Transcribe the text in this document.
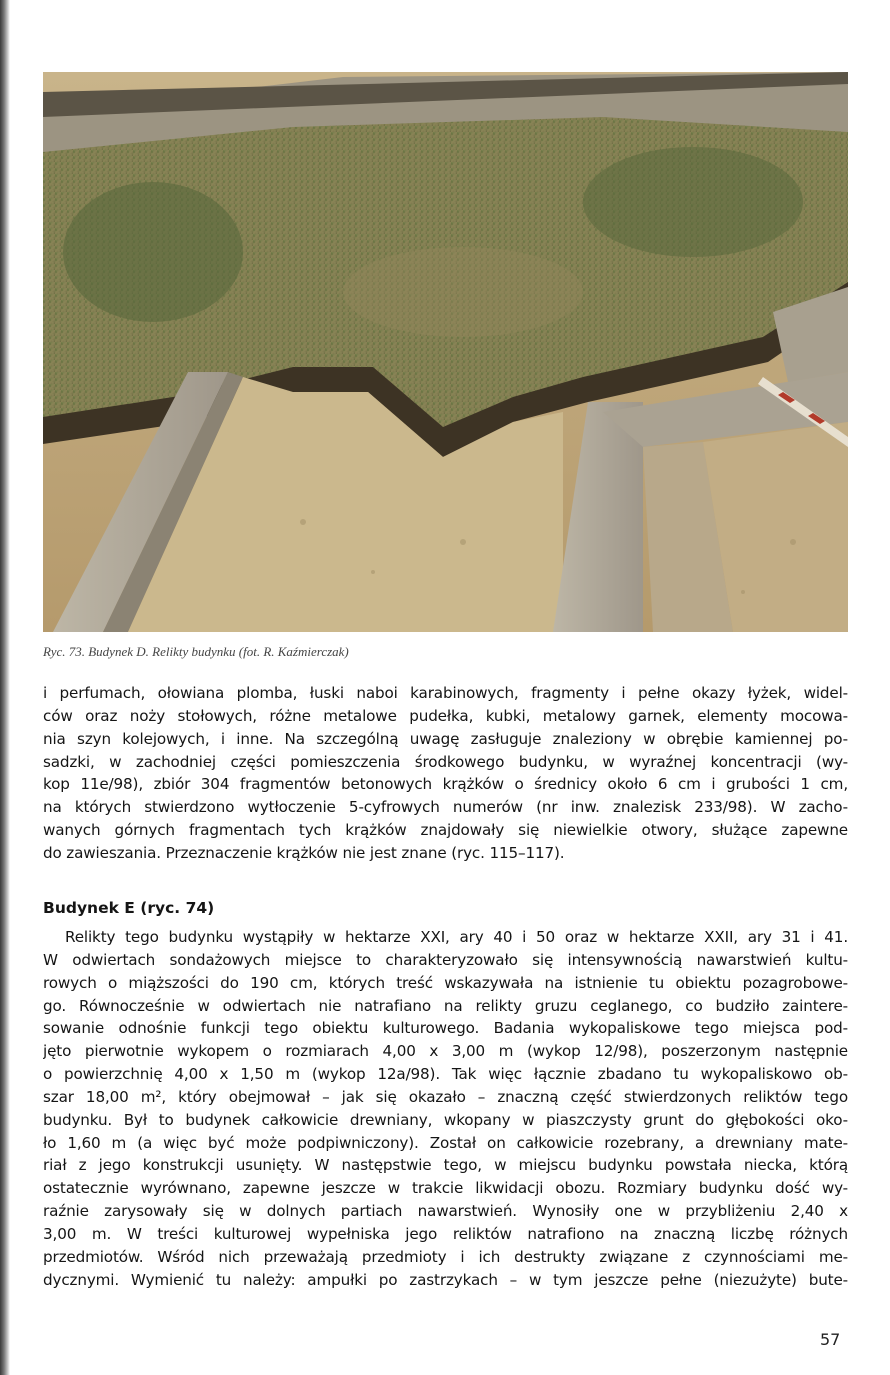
Ryc. 73. Budynek D. Relikty budynku (fot. R. Kaźmierczak)
i perfumach, ołowiana plomba, łuski naboi karabinowych, fragmenty i pełne okazy łyżek, widel-
ców oraz noży stołowych, różne metalowe pudełka, kubki, metalowy garnek, elementy mocowa-
nia szyn kolejowych, i inne. Na szczególną uwagę zasługuje znaleziony w obrębie kamiennej po-
sadzki, w zachodniej części pomieszczenia środkowego budynku, w wyraźnej koncentracji (wy-
kop 11e/98), zbiór 304 fragmentów betonowych krążków o średnicy około 6 cm i grubości 1 cm,
na których stwierdzono wytłoczenie 5-cyfrowych numerów (nr inw. znalezisk 233/98). W zacho-
wanych górnych fragmentach tych krążków znajdowały się niewielkie otwory, służące zapewne
do zawieszania. Przeznaczenie krążków nie jest znane (ryc. 115–117).
Budynek E (ryc. 74)
Relikty tego budynku wystąpiły w hektarze XXI, ary 40 i 50 oraz w hektarze XXII, ary 31 i 41.
W odwiertach sondażowych miejsce to charakteryzowało się intensywnością nawarstwień kultu-
rowych o miąższości do 190 cm, których treść wskazywała na istnienie tu obiektu pozagrobowe-
go. Równocześnie w odwiertach nie natrafiano na relikty gruzu ceglanego, co budziło zaintere-
sowanie odnośnie funkcji tego obiektu kulturowego. Badania wykopaliskowe tego miejsca pod-
jęto pierwotnie wykopem o rozmiarach 4,00 x 3,00 m (wykop 12/98), poszerzonym następnie
o powierzchnię 4,00 x 1,50 m (wykop 12a/98). Tak więc łącznie zbadano tu wykopaliskowo ob-
szar 18,00 m², który obejmował – jak się okazało – znaczną część stwierdzonych reliktów tego
budynku. Był to budynek całkowicie drewniany, wkopany w piaszczysty grunt do głębokości oko-
ło 1,60 m (a więc być może podpiwniczony). Został on całkowicie rozebrany, a drewniany mate-
riał z jego konstrukcji usunięty. W następstwie tego, w miejscu budynku powstała niecka, którą
ostatecznie wyrównano, zapewne jeszcze w trakcie likwidacji obozu. Rozmiary budynku dość wy-
raźnie zarysowały się w dolnych partiach nawarstwień. Wynosiły one w przybliżeniu 2,40 x
3,00 m. W treści kulturowej wypełniska jego reliktów natrafiono na znaczną liczbę różnych
przedmiotów. Wśród nich przeważają przedmioty i ich destrukty związane z czynnościami me-
dycznymi. Wymienić tu należy: ampułki po zastrzykach – w tym jeszcze pełne (niezużyte) bute-
57
